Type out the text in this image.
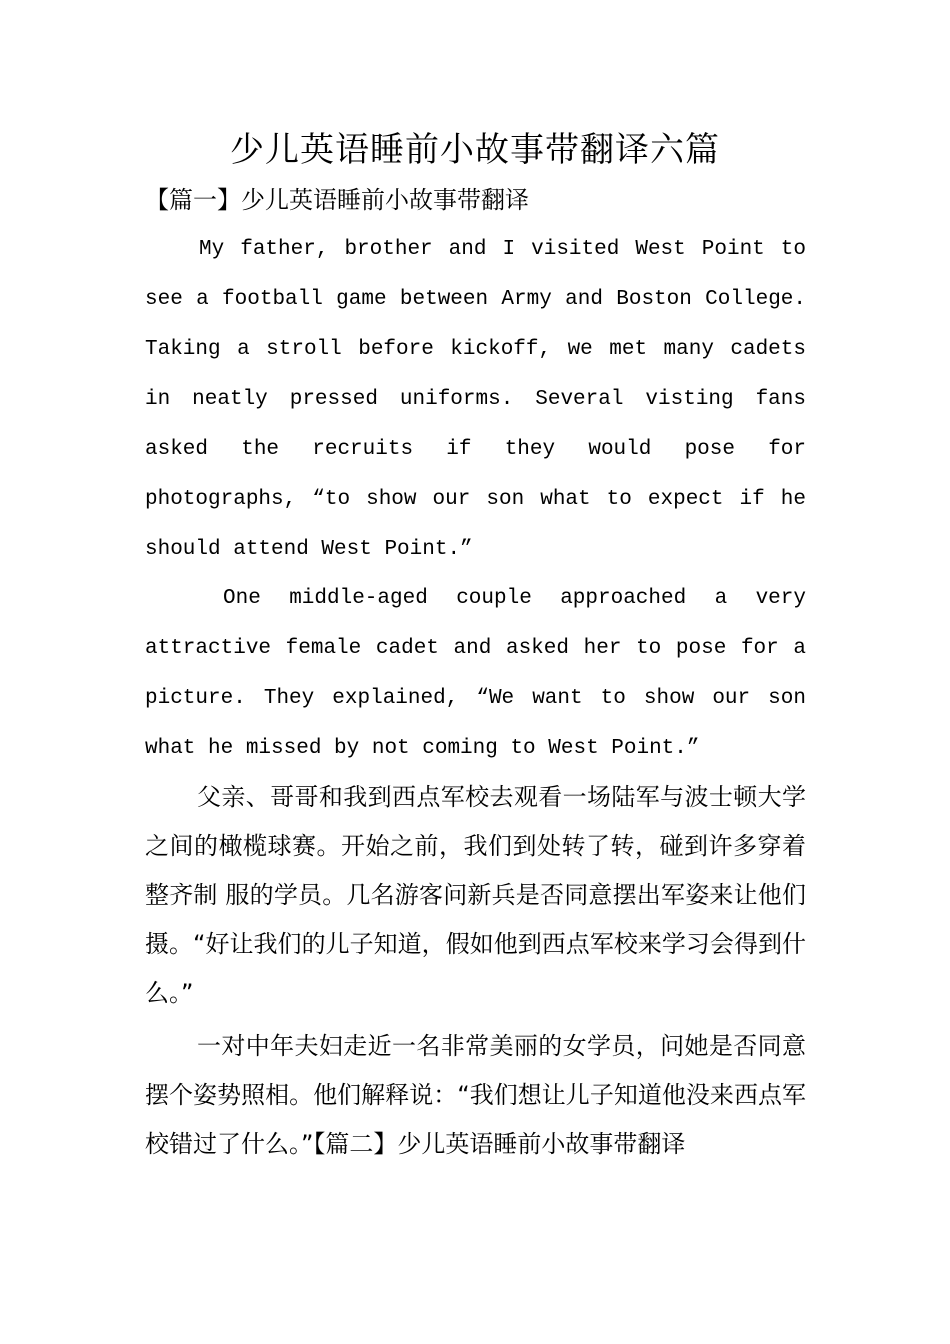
少儿英语睡前小故事带翻译六篇
【篇一】少儿英语睡前小故事带翻译

My father, brother and I visited West Point to see a football game between Army and Boston College. Taking a stroll before kickoff, we met many cadets in neatly pressed uniforms. Several visting fans asked the recruits if they would pose for photographs, “to show our son what to expect if he should attend West Point.”

One middle-aged couple approached a very attractive female cadet and asked her to pose for a picture. They explained, “We want to show our son what he missed by not coming to West Point.”

父亲、哥哥和我到西点军校去观看一场陆军与波士顿大学之间的橄榄球赛。开始之前，我们到处转了转，碰到许多穿着整齐制 服的学员。几名游客问新兵是否同意摆出军姿来让他们摄。“好让我们的儿子知道，假如他到西点军校来学习会得到什么。”

一对中年夫妇走近一名非常美丽的女学员，问她是否同意摆个姿势照相。他们解释说：“我们想让儿子知道他没来西点军校错过了什么。”【篇二】少儿英语睡前小故事带翻译
